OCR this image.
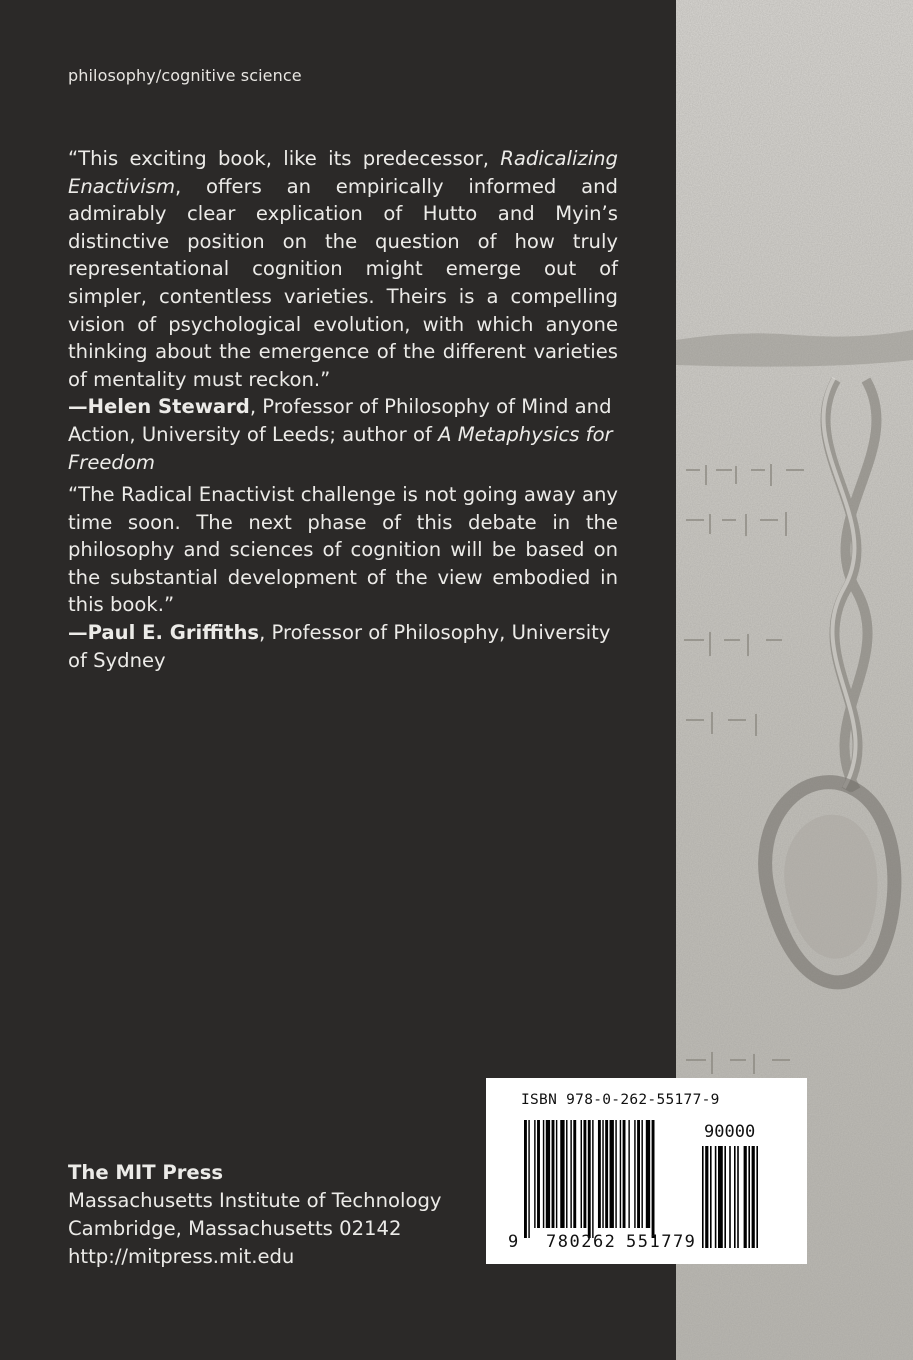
philosophy/cognitive science
“This exciting book, like its predecessor, Radicalizing Enactivism, offers an empirically informed and admirably clear explication of Hutto and Myin’s distinctive position on the question of how truly representational cognition might emerge out of simpler, contentless varieties. Theirs is a compelling vision of psychological evolution, with which anyone thinking about the emergence of the different varieties of mentality must reckon.”
—Helen Steward, Professor of Philosophy of Mind and Action, University of Leeds; author of A Metaphysics for Freedom
“The Radical Enactivist challenge is not going away any time soon. The next phase of this debate in the philosophy and sciences of cognition will be based on the substantial development of the view embodied in this book.”
—Paul E. Griffiths, Professor of Philosophy, University of Sydney
The MIT Press
Massachusetts Institute of Technology
Cambridge, Massachusetts 02142
http://mitpress.mit.edu
ISBN 978-0-262-55177-9
90000
9 780262 551779
